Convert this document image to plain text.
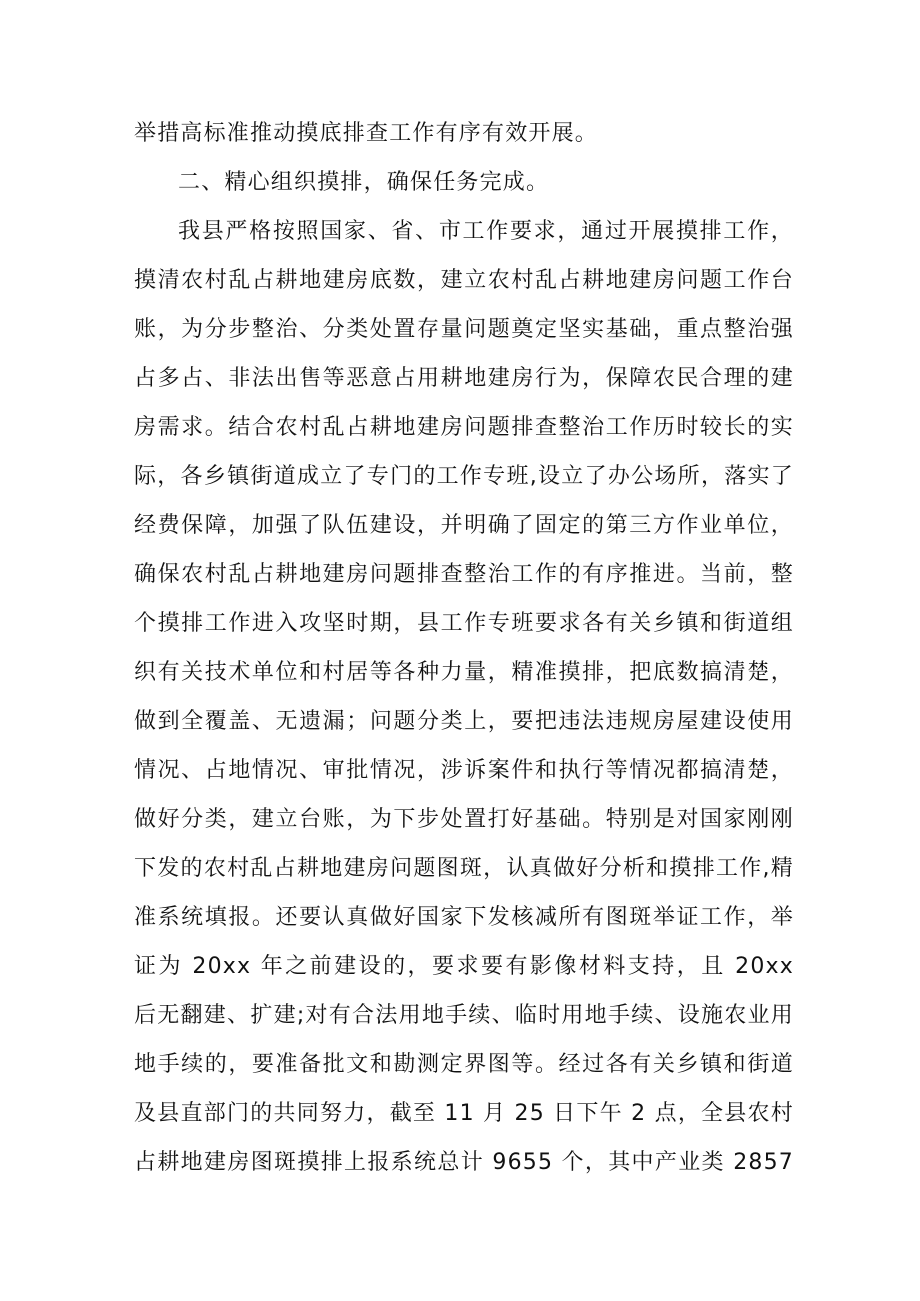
举措高标准推动摸底排查工作有序有效开展。
二、精心组织摸排，确保任务完成。
我县严格按照国家、省、市工作要求，通过开展摸排工作，
摸清农村乱占耕地建房底数，建立农村乱占耕地建房问题工作台
账，为分步整治、分类处置存量问题奠定坚实基础，重点整治强
占多占、非法出售等恶意占用耕地建房行为，保障农民合理的建
房需求。结合农村乱占耕地建房问题排查整治工作历时较长的实
际，各乡镇街道成立了专门的工作专班,设立了办公场所，落实了
经费保障，加强了队伍建设，并明确了固定的第三方作业单位，
确保农村乱占耕地建房问题排查整治工作的有序推进。当前，整
个摸排工作进入攻坚时期，县工作专班要求各有关乡镇和街道组
织有关技术单位和村居等各种力量，精准摸排，把底数搞清楚，
做到全覆盖、无遗漏；问题分类上，要把违法违规房屋建设使用
情况、占地情况、审批情况，涉诉案件和执行等情况都搞清楚，
做好分类，建立台账，为下步处置打好基础。特别是对国家刚刚
下发的农村乱占耕地建房问题图斑，认真做好分析和摸排工作,精
准系统填报。还要认真做好国家下发核减所有图斑举证工作，举
证为 20xx 年之前建设的，要求要有影像材料支持，且 20xx
后无翻建、扩建;对有合法用地手续、临时用地手续、设施农业用
地手续的，要准备批文和勘测定界图等。经过各有关乡镇和街道
及县直部门的共同努力，截至 11 月 25 日下午 2 点，全县农村
占耕地建房图斑摸排上报系统总计 9655 个，其中产业类 2857
